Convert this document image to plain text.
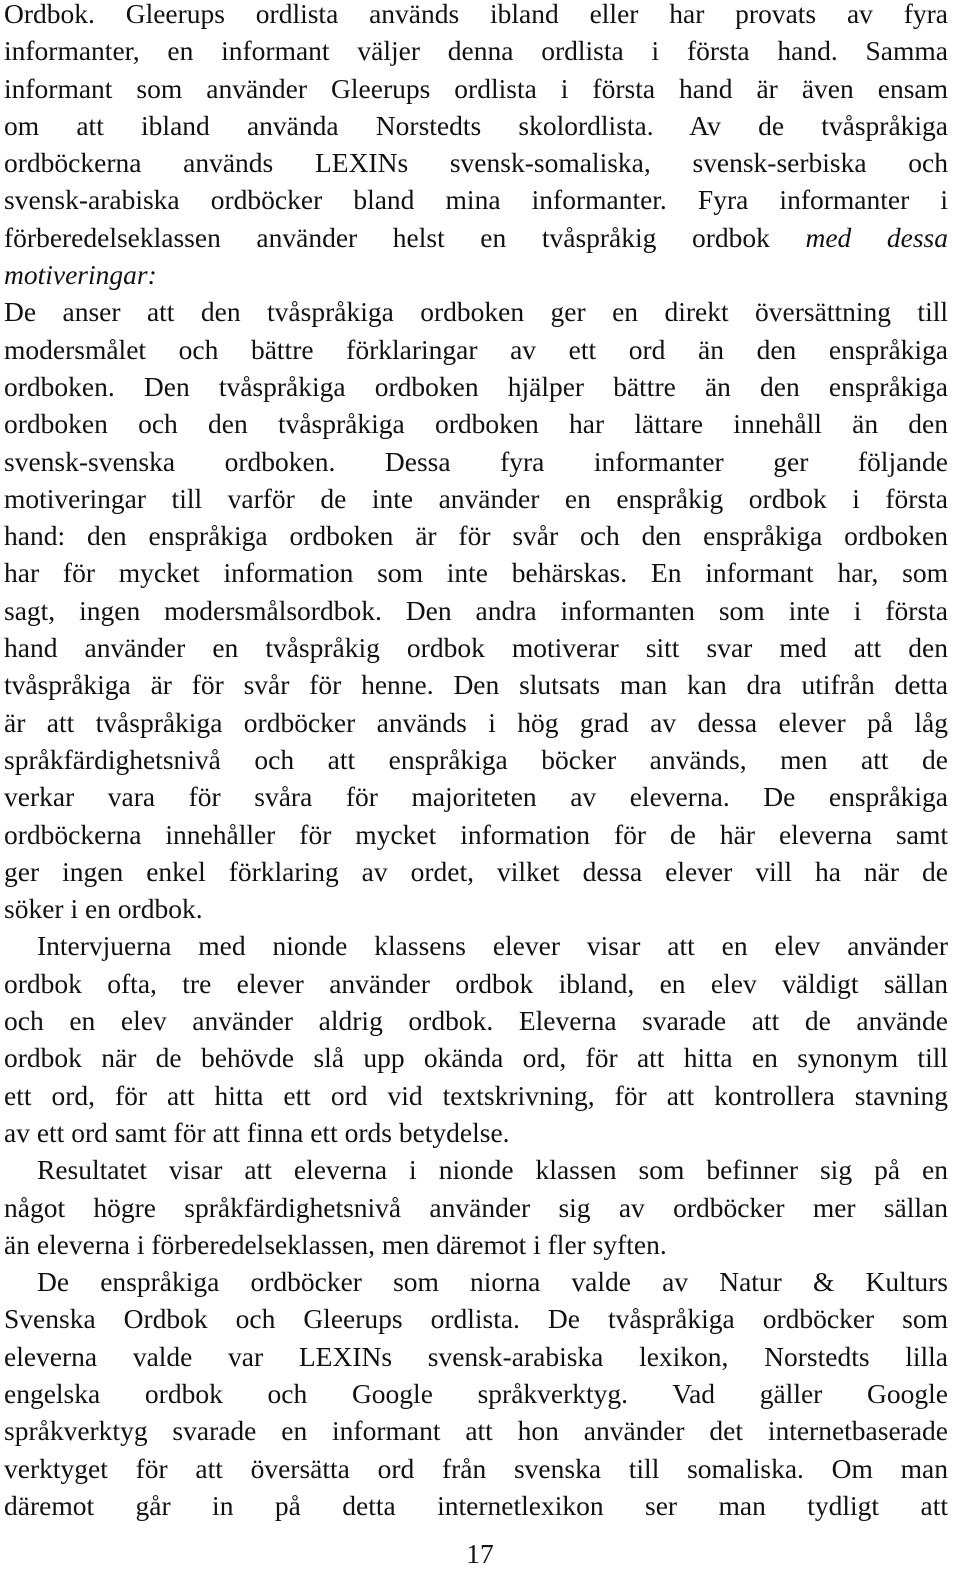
Ordbok. Gleerups ordlista används ibland eller har provats av fyra
informanter, en informant väljer denna ordlista i första hand. Samma
informant som använder Gleerups ordlista i första hand är även ensam
om att ibland använda Norstedts skolordlista. Av de tvåspråkiga
ordböckerna används LEXINs svensk-somaliska, svensk-serbiska och
svensk-arabiska ordböcker bland mina informanter. Fyra informanter i
förberedelseklassen använder helst en tvåspråkig ordbok med dessa
motiveringar:
De anser att den tvåspråkiga ordboken ger en direkt översättning till
modersmålet och bättre förklaringar av ett ord än den enspråkiga
ordboken. Den tvåspråkiga ordboken hjälper bättre än den enspråkiga
ordboken och den tvåspråkiga ordboken har lättare innehåll än den
svensk-svenska ordboken. Dessa fyra informanter ger följande
motiveringar till varför de inte använder en enspråkig ordbok i första
hand: den enspråkiga ordboken är för svår och den enspråkiga ordboken
har för mycket information som inte behärskas. En informant har, som
sagt, ingen modersmålsordbok. Den andra informanten som inte i första
hand använder en tvåspråkig ordbok motiverar sitt svar med att den
tvåspråkiga är för svår för henne. Den slutsats man kan dra utifrån detta
är att tvåspråkiga ordböcker används i hög grad av dessa elever på låg
språkfärdighetsnivå och att enspråkiga böcker används, men att de
verkar vara för svåra för majoriteten av eleverna. De enspråkiga
ordböckerna innehåller för mycket information för de här eleverna samt
ger ingen enkel förklaring av ordet, vilket dessa elever vill ha när de
söker i en ordbok.
Intervjuerna med nionde klassens elever visar att en elev använder
ordbok ofta, tre elever använder ordbok ibland, en elev väldigt sällan
och en elev använder aldrig ordbok. Eleverna svarade att de använde
ordbok när de behövde slå upp okända ord, för att hitta en synonym till
ett ord, för att hitta ett ord vid textskrivning, för att kontrollera stavning
av ett ord samt för att finna ett ords betydelse.
Resultatet visar att eleverna i nionde klassen som befinner sig på en
något högre språkfärdighetsnivå använder sig av ordböcker mer sällan
än eleverna i förberedelseklassen, men däremot i fler syften.
De enspråkiga ordböcker som niorna valde av Natur & Kulturs
Svenska Ordbok och Gleerups ordlista. De tvåspråkiga ordböcker som
eleverna valde var LEXINs svensk-arabiska lexikon, Norstedts lilla
engelska ordbok och Google språkverktyg. Vad gäller Google
språkverktyg svarade en informant att hon använder det internetbaserade
verktyget för att översätta ord från svenska till somaliska. Om man
däremot går in på detta internetlexikon ser man tydligt att
17
